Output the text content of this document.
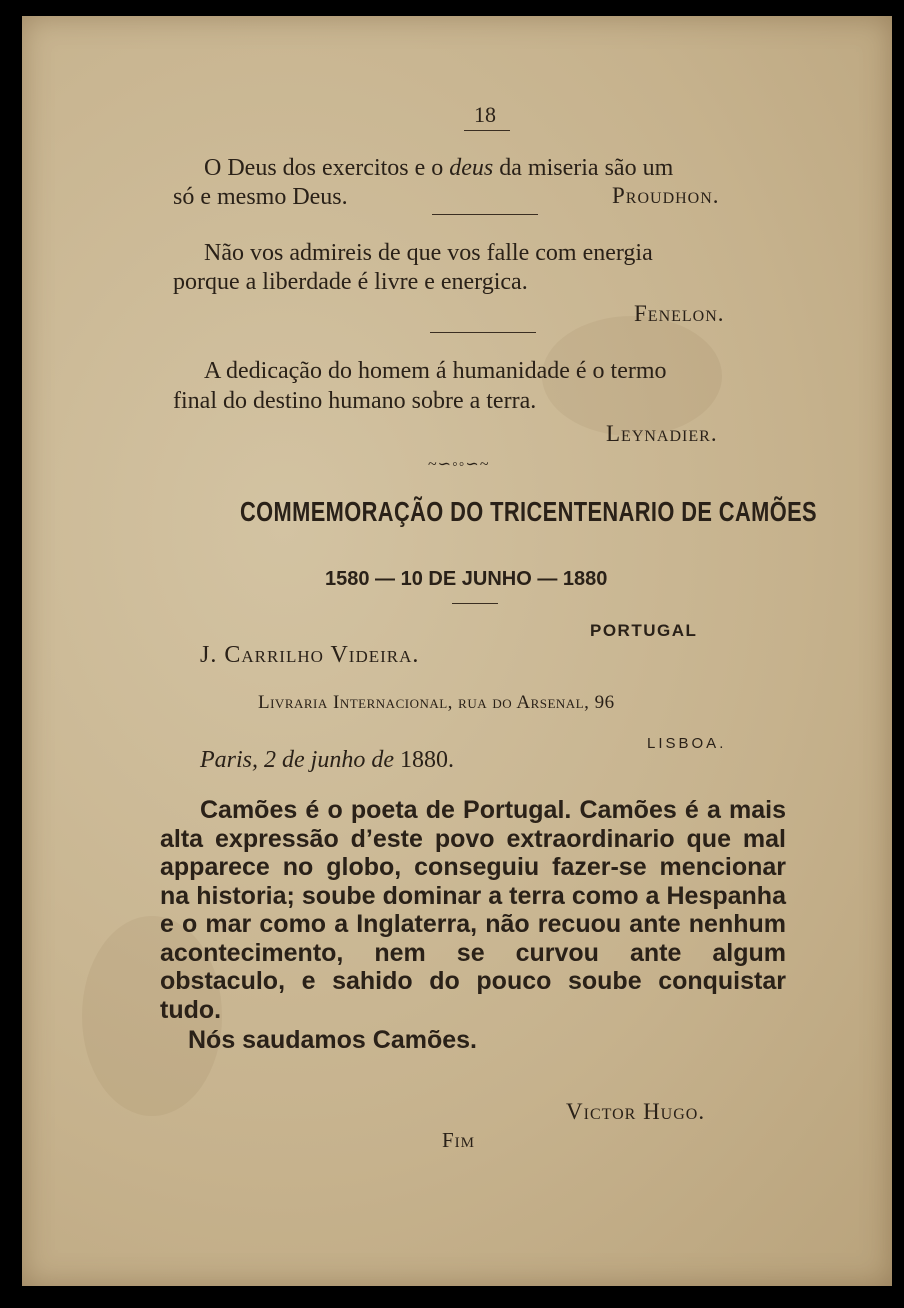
18
O Deus dos exercitos e o deus da miseria são um
só e mesmo Deus.	Proudhon.
Não vos admireis de que vos falle com energia
porque a liberdade é livre e energica.
Fenelon.
A dedicação do homem á humanidade é o termo
final do destino humano sobre a terra.
Leynadier.
~∽◦◦∽~
COMMEMORAÇÃO DO TRICENTENARIO DE CAMÕES
1580 — 10 DE JUNHO — 1880
PORTUGAL
J. Carrilho Videira.
Livraria Internacional, rua do Arsenal, 96
LISBOA.
Paris, 2 de junho de 1880.

Camões é o poeta de Portugal. Camões é a mais alta expressão d’este povo extraordinario que mal apparece no globo, conseguiu fazer-se mencionar na historia; soube dominar a terra como a Hespanha e o mar como a Inglaterra, não recuou ante nenhum acontecimento, nem se curvou ante algum obstaculo, e sahido do pouco soube conquistar tudo.

Nós saudamos Camões.

Victor Hugo.
Fim
